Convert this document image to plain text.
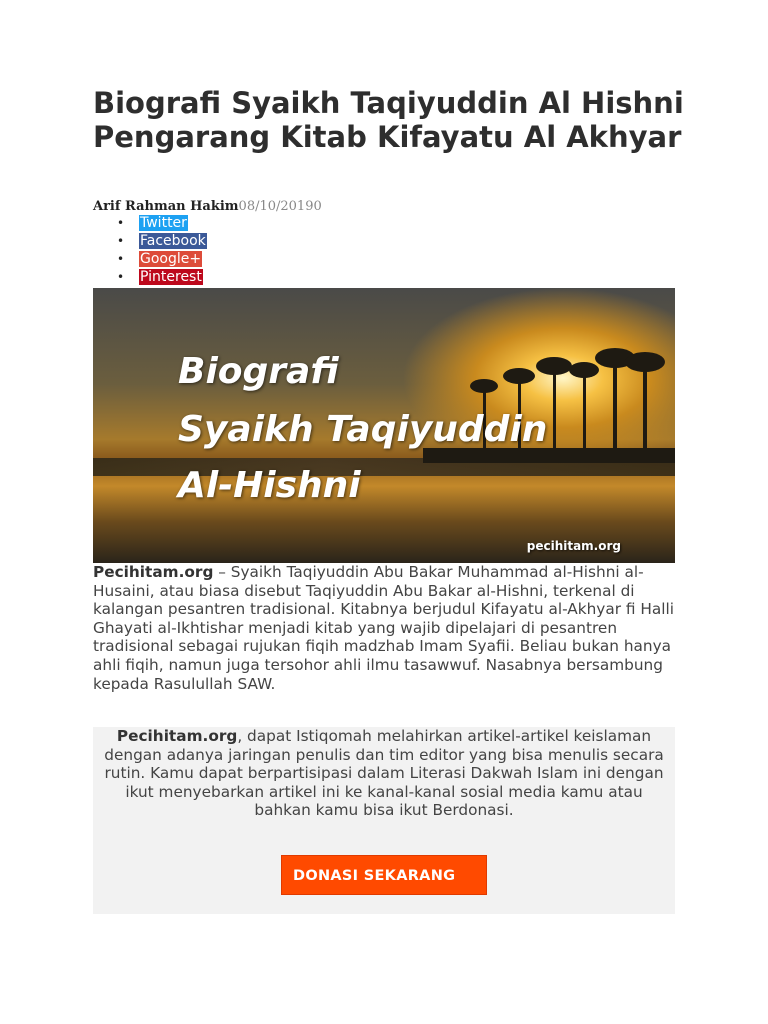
Biografi Syaikh Taqiyuddin Al Hishni Pengarang Kitab Kifayatu Al Akhyar
Arif Rahman Hakim08/10/20190
• Twitter
• Facebook
• Google+
• Pinterest
Biografi
Syaikh Taqiyuddin
Al-Hishni
pecihitam.org

Pecihitam.org – Syaikh Taqiyuddin Abu Bakar Muhammad al-Hishni al-Husaini, atau biasa disebut Taqiyuddin Abu Bakar al-Hishni, terkenal di kalangan pesantren tradisional. Kitabnya berjudul Kifayatu al-Akhyar fi Halli Ghayati al-Ikhtishar menjadi kitab yang wajib dipelajari di pesantren tradisional sebagai rujukan fiqih madzhab Imam Syafii. Beliau bukan hanya ahli fiqih, namun juga tersohor ahli ilmu tasawwuf. Nasabnya bersambung kepada Rasulullah SAW.

Pecihitam.org, dapat Istiqomah melahirkan artikel-artikel keislaman dengan adanya jaringan penulis dan tim editor yang bisa menulis secara rutin. Kamu dapat berpartisipasi dalam Literasi Dakwah Islam ini dengan ikut menyebarkan artikel ini ke kanal-kanal sosial media kamu atau bahkan kamu bisa ikut Berdonasi.

DONASI SEKARANG
